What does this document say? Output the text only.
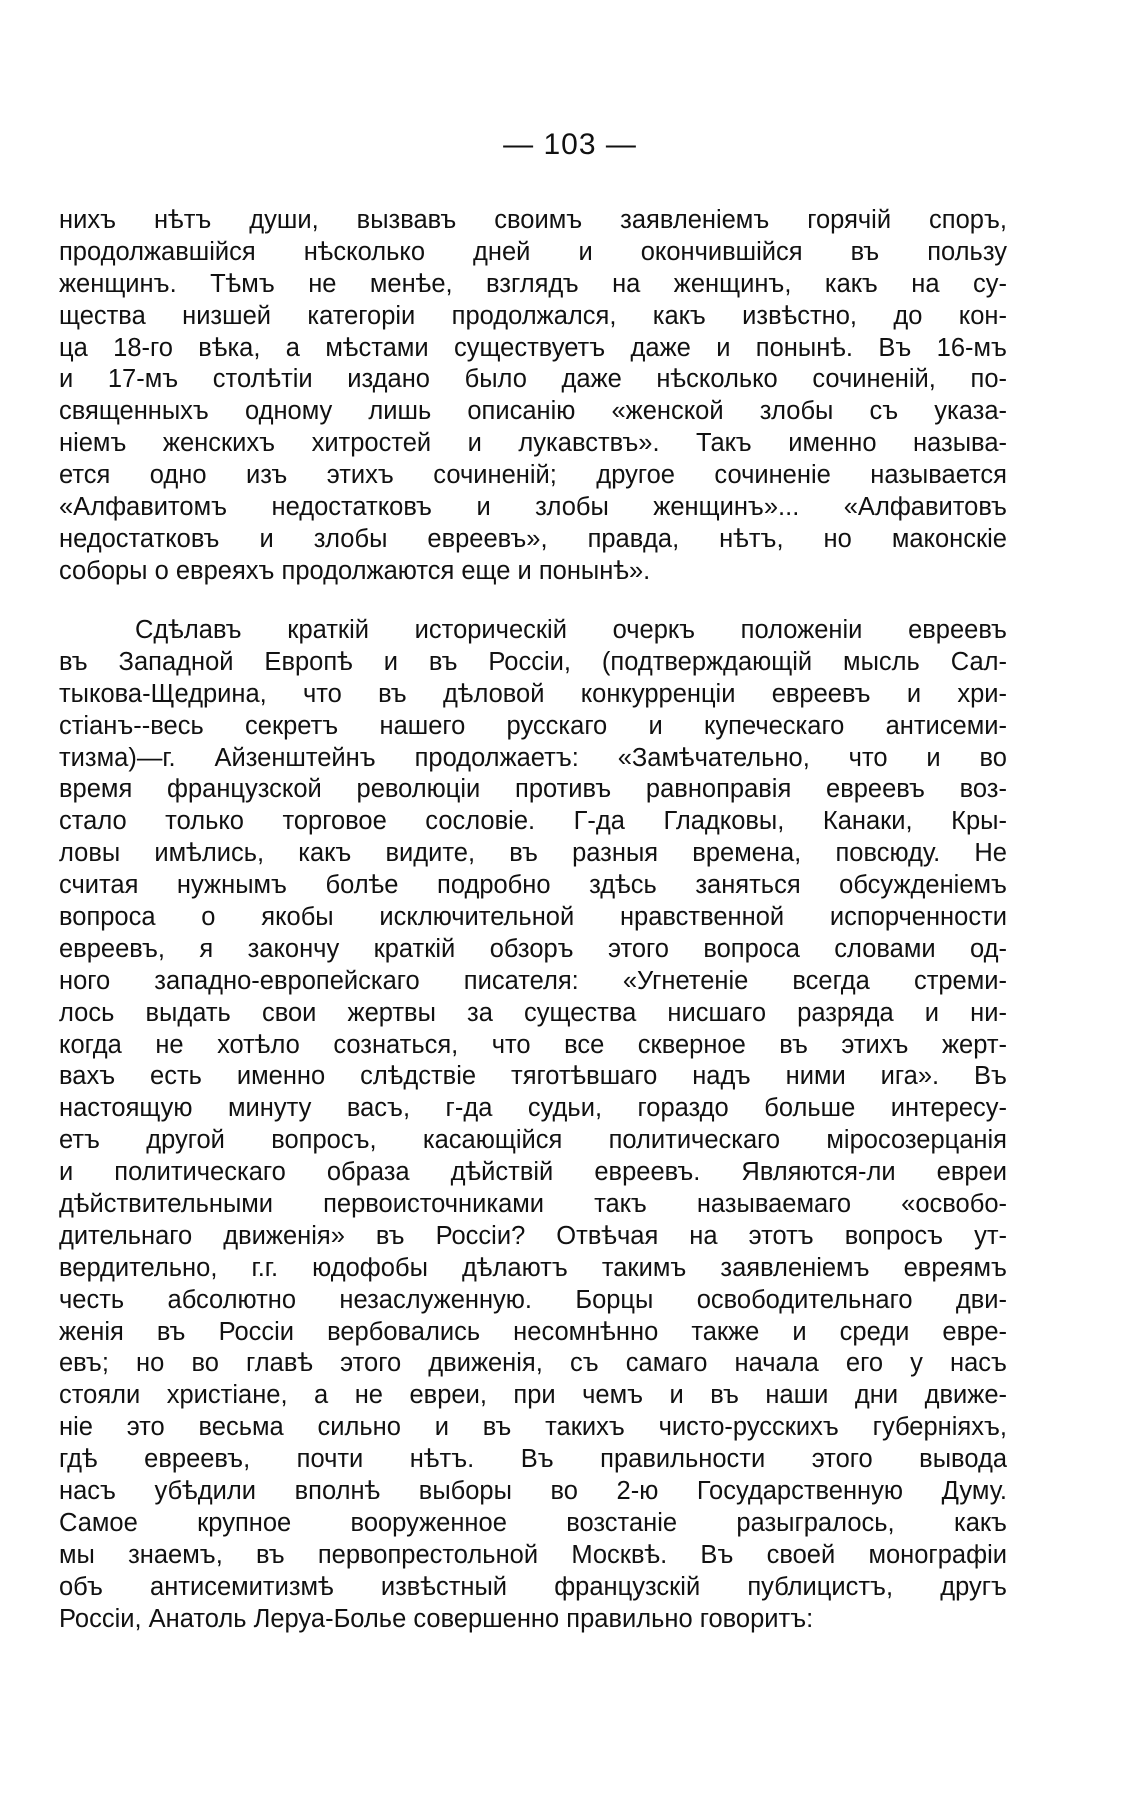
— 103 —
нихъ нѣтъ души, вызвавъ своимъ заявленіемъ горячій споръ,
продолжавшійся нѣсколько дней и окончившійся въ пользу
женщинъ. Тѣмъ не менѣе, взглядъ на женщинъ, какъ на су-
щества низшей категоріи продолжался, какъ извѣстно, до кон-
ца 18-го вѣка, а мѣстами существуетъ даже и понынѣ. Въ 16-мъ
и 17-мъ столѣтіи издано было даже нѣсколько сочиненій, по-
священныхъ одному лишь описанію «женской злобы съ указа-
ніемъ женскихъ хитростей и лукавствъ». Такъ именно называ-
ется одно изъ этихъ сочиненій; другое сочиненіе называется
«Алфавитомъ недостатковъ и злобы женщинъ»... «Алфавитовъ
недостатковъ и злобы евреевъ», правда, нѣтъ, но маконскіе
соборы о евреяхъ продолжаются еще и понынѣ».
Сдѣлавъ краткій историческій очеркъ положеніи евреевъ
въ Западной Европѣ и въ Россіи, (подтверждающій мысль Сал-
тыкова-Щедрина, что въ дѣловой конкурренціи евреевъ и хри-
стіанъ--весь секретъ нашего русскаго и купеческаго антисеми-
тизма)—г. Айзенштейнъ продолжаетъ: «Замѣчательно, что и во
время французской революціи противъ равноправія евреевъ воз-
стало только торговое сословіе. Г-да Гладковы, Канаки, Кры-
ловы имѣлись, какъ видите, въ разныя времена, повсюду. Не
считая нужнымъ болѣе подробно здѣсь заняться обсужденіемъ
вопроса о якобы исключительной нравственной испорченности
евреевъ, я закончу краткій обзоръ этого вопроса словами од-
ного западно-европейскаго писателя: «Угнетеніе всегда стреми-
лось выдать свои жертвы за существа нисшаго разряда и ни-
когда не хотѣло сознаться, что все скверное въ этихъ жерт-
вахъ есть именно слѣдствіе тяготѣвшаго надъ ними ига». Въ
настоящую минуту васъ, г-да судьи, гораздо больше интересу-
етъ другой вопросъ, касающійся политическаго міросозерцанія
и политическаго образа дѣйствій евреевъ. Являются-ли евреи
дѣйствительными первоисточниками такъ называемаго «освобо-
дительнаго движенія» въ Россіи? Отвѣчая на этотъ вопросъ ут-
вердительно, г.г. юдофобы дѣлаютъ такимъ заявленіемъ евреямъ
честь абсолютно незаслуженную. Борцы освободительнаго дви-
женія въ Россіи вербовались несомнѣнно также и среди евре-
евъ; но во главѣ этого движенія, съ самаго начала его у насъ
стояли христіане, а не евреи, при чемъ и въ наши дни движе-
ніе это весьма сильно и въ такихъ чисто-русскихъ губерніяхъ,
гдѣ евреевъ, почти нѣтъ. Въ правильности этого вывода
насъ убѣдили вполнѣ выборы во 2-ю Государственную Думу.
Самое крупное вооруженное возстаніе разыгралось, какъ
мы знаемъ, въ первопрестольной Москвѣ. Въ своей монографіи
объ антисемитизмѣ извѣстный французскій публицистъ, другъ
Россіи, Анатоль Леруа-Болье совершенно правильно говоритъ:
